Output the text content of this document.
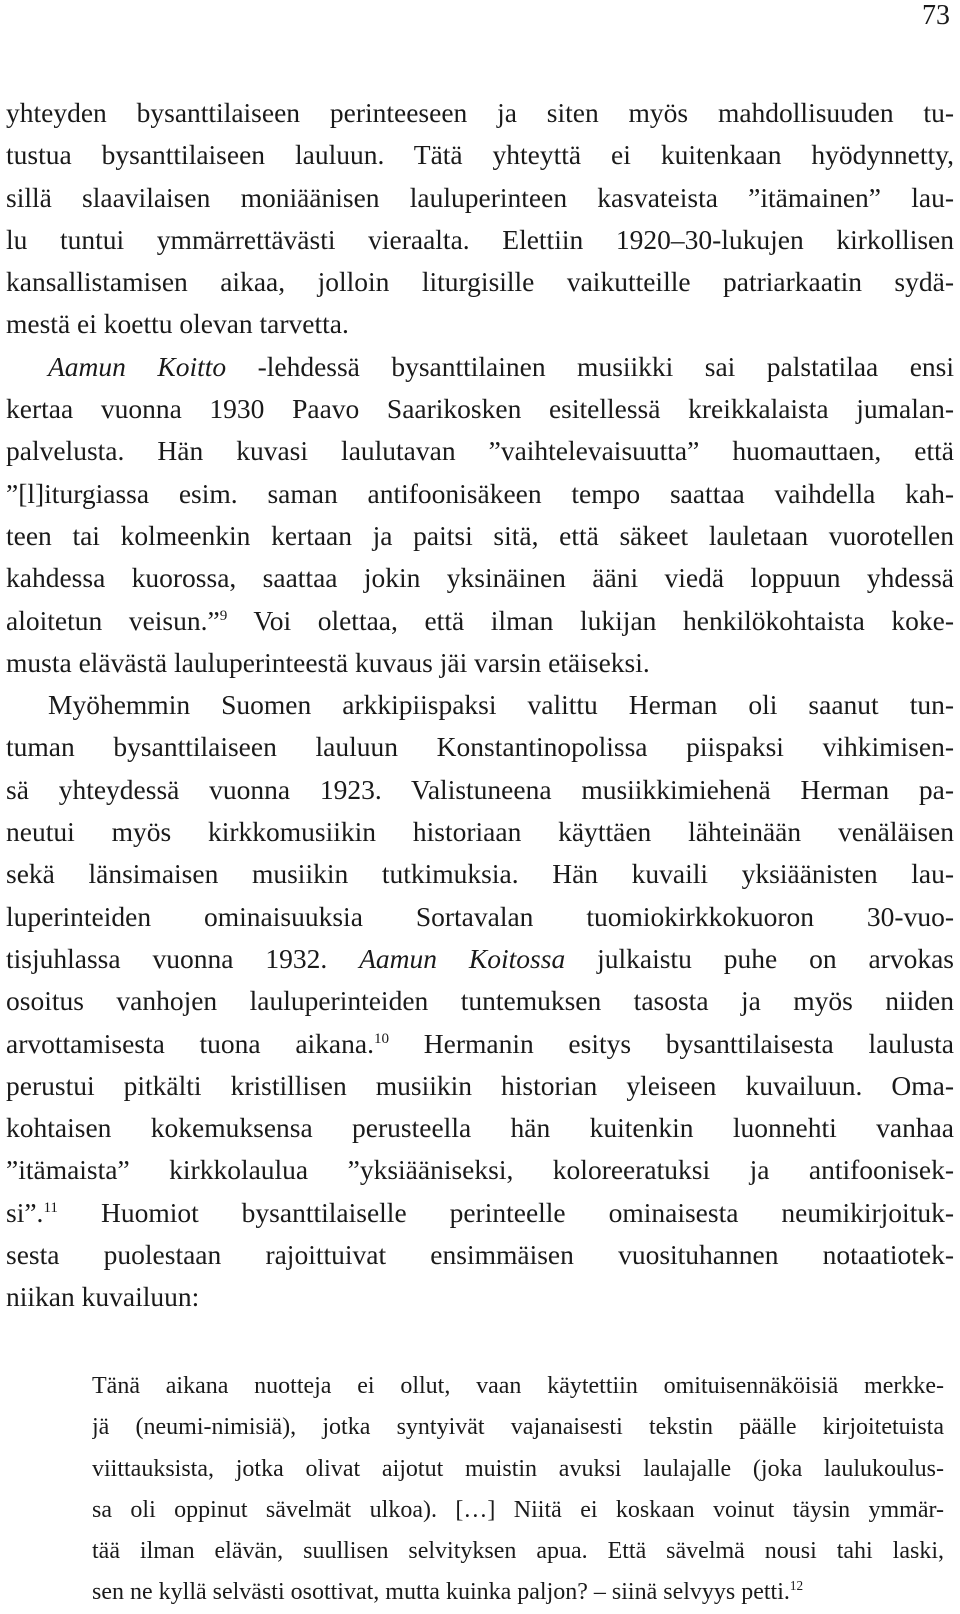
73
yhteyden bysanttilaiseen perinteeseen ja siten myös mahdollisuuden tu-
tustua bysanttilaiseen lauluun. Tätä yhteyttä ei kuitenkaan hyödynnetty,
sillä slaavilaisen moniäänisen lauluperinteen kasvateista ”itämainen” lau-
lu tuntui ymmärrettävästi vieraalta. Elettiin 1920–30-lukujen kirkollisen
kansallistamisen aikaa, jolloin liturgisille vaikutteille patriarkaatin sydä-
mestä ei koettu olevan tarvetta.
Aamun Koitto -lehdessä bysanttilainen musiikki sai palstatilaa ensi
kertaa vuonna 1930 Paavo Saarikosken esitellessä kreikkalaista jumalan-
palvelusta. Hän kuvasi laulutavan ”vaihtelevaisuutta” huomauttaen, että
”[l]iturgiassa esim. saman antifoonisäkeen tempo saattaa vaihdella kah-
teen tai kolmeenkin kertaan ja paitsi sitä, että säkeet lauletaan vuorotellen
kahdessa kuorossa, saattaa jokin yksinäinen ääni viedä loppuun yhdessä
aloitetun veisun.”$^9$ Voi olettaa, että ilman lukijan henkilökohtaista koke-
musta elävästä lauluperinteestä kuvaus jäi varsin etäiseksi.
Myöhemmin Suomen arkkipiispaksi valittu Herman oli saanut tun-
tuman bysanttilaiseen lauluun Konstantinopolissa piispaksi vihkimisen-
sä yhteydessä vuonna 1923. Valistuneena musiikkimiehenä Herman pa-
neutui myös kirkkomusiikin historiaan käyttäen lähteinään venäläisen
sekä länsimaisen musiikin tutkimuksia. Hän kuvaili yksiäänisten lau-
luperinteiden ominaisuuksia Sortavalan tuomiokirkkokuoron 30-vuo-
tisjuhlassa vuonna 1932. Aamun Koitossa julkaistu puhe on arvokas
osoitus vanhojen lauluperinteiden tuntemuksen tasosta ja myös niiden
arvottamisesta tuona aikana.$^{10}$ Hermanin esitys bysanttilaisesta laulusta
perustui pitkälti kristillisen musiikin historian yleiseen kuvailuun. Oma-
kohtaisen kokemuksensa perusteella hän kuitenkin luonnehti vanhaa
”itämaista” kirkkolaulua ”yksiääniseksi, koloreeratuksi ja antifoonisek-
si”.$^{11}$ Huomiot bysanttilaiselle perinteelle ominaisesta neumikirjoituk-
sesta puolestaan rajoittuivat ensimmäisen vuosituhannen notaatiotek-
niikan kuvailuun:
Tänä aikana nuotteja ei ollut, vaan käytettiin omituisennäköisiä merkke-
jä (neumi-nimisiä), jotka syntyivät vajanaisesti tekstin päälle kirjoitetuista
viittauksista, jotka olivat aijotut muistin avuksi laulajalle (joka laulukoulus-
sa oli oppinut sävelmät ulkoa). […] Niitä ei koskaan voinut täysin ymmär-
tää ilman elävän, suullisen selvityksen apua. Että sävelmä nousi tahi laski,
sen ne kyllä selvästi osottivat, mutta kuinka paljon? – siinä selvyys petti.$^{12}$
